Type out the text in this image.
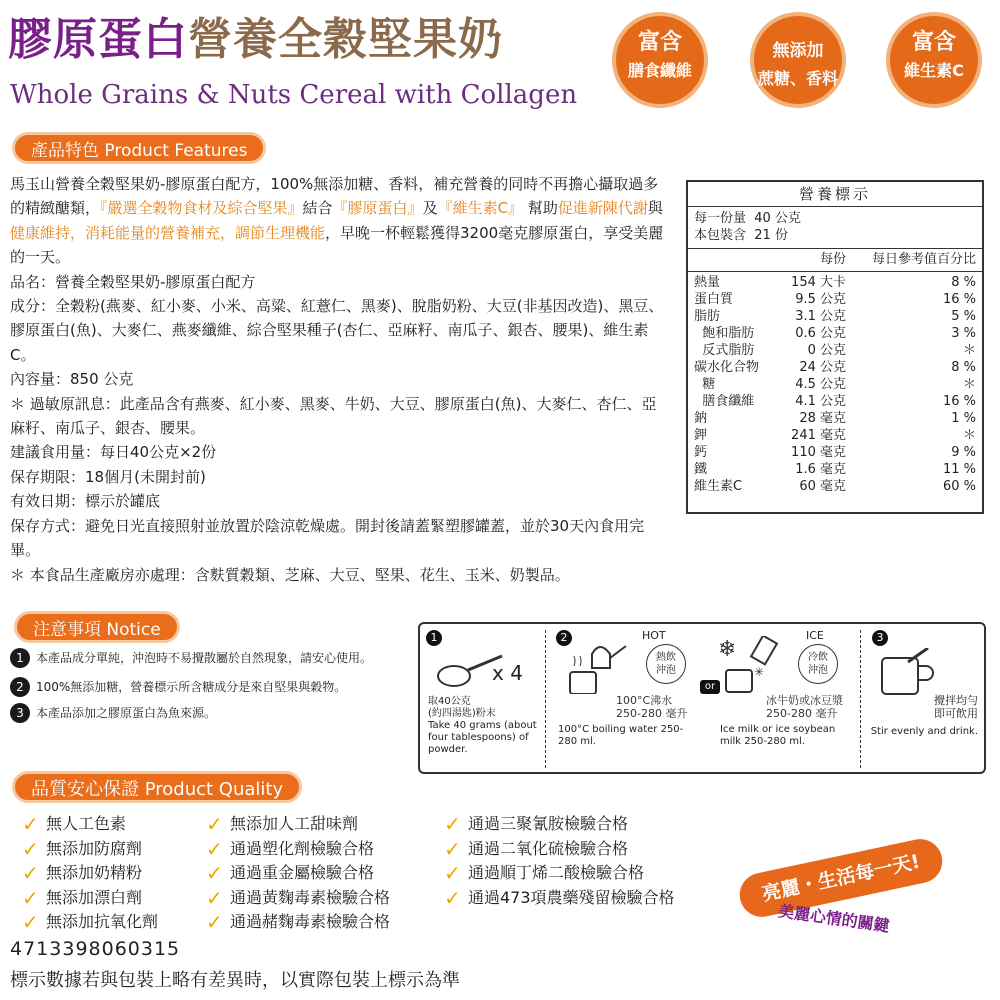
膠原蛋白營養全穀堅果奶
Whole Grains & Nuts Cereal with Collagen
富含
膳食纖維
無添加
蔗糖、香料
富含
維生素C
產品特色 Product Features

馬玉山營養全穀堅果奶-膠原蛋白配方，100%無添加糖、香料，補充營養的同時不再擔心攝取過多的精緻醣類，『嚴選全穀物食材及綜合堅果』結合『膠原蛋白』及『維生素C』 幫助促進新陳代謝與健康維持，消耗能量的營養補充，調節生理機能，早晚一杯輕鬆獲得3200毫克膠原蛋白，享受美麗的一天。

品名：營養全穀堅果奶-膠原蛋白配方

成分：全穀粉(燕麥、紅小麥、小米、高粱、紅薏仁、黑麥)、脫脂奶粉、大豆(非基因改造)、黑豆、膠原蛋白(魚)、大麥仁、燕麥纖維、綜合堅果種子(杏仁、亞麻籽、南瓜子、銀杏、腰果)、維生素C。

內容量：850 公克

＊ 過敏原訊息：此產品含有燕麥、紅小麥、黑麥、牛奶、大豆、膠原蛋白(魚)、大麥仁、杏仁、亞麻籽、南瓜子、銀杏、腰果。

建議食用量：每日40公克×2份

保存期限：18個月(未開封前)

有效日期：標示於罐底

保存方式：避免日光直接照射並放置於陰涼乾燥處。開封後請蓋緊塑膠罐蓋，並於30天內食用完畢。

＊ 本食品生產廠房亦處理：含麩質穀類、芝麻、大豆、堅果、花生、玉米、奶製品。

營養標示
每一份量 40 公克
本包裝含 21 份
每份	每日參考值百分比
熱量	154 大卡	8 %
蛋白質	9.5 公克	16 %
脂肪	3.1 公克	5 %
飽和脂肪	0.6 公克	3 %
反式脂肪	0 公克	＊
碳水化合物	24 公克	8 %
糖	4.5 公克	＊
膳食纖維	4.1 公克	16 %
鈉	28 毫克	1 %
鉀	241 毫克	＊
鈣	110 毫克	9 %
鐵	1.6 毫克	11 %
維生素C	60 毫克	60 %
注意事項 Notice
1	本產品成分單純，沖泡時不易攪散屬於自然現象，請安心使用。
2	100%無添加糖，營養標示所含糖成分是來自堅果與穀物。
3	本產品添加之膠原蛋白為魚來源。
1	2	3
x 4
取40公克
(約四湯匙)粉末
Take 40 grams (about four tablespoons) of powder.
HOT
熱飲
沖泡
or
100°C沸水
250-280 毫升
100°C boiling water 250-280 ml.
ICE
❄
✳
冷飲
沖泡
冰牛奶或冰豆漿
250-280 毫升
Ice milk or ice soybean milk 250-280 ml.
攪拌均勻
即可飲用
Stir evenly and drink.
品質安心保證 Product Quality
✓ 無人工色素
✓ 無添加防腐劑
✓ 無添加奶精粉
✓ 無添加漂白劑
✓ 無添加抗氧化劑
✓ 無添加人工甜味劑
✓ 通過塑化劑檢驗合格
✓ 通過重金屬檢驗合格
✓ 通過黃麴毒素檢驗合格
✓ 通過赭麴毒素檢驗合格
✓ 通過三聚氰胺檢驗合格
✓ 通過二氧化硫檢驗合格
✓ 通過順丁烯二酸檢驗合格
✓ 通過473項農藥殘留檢驗合格	亮麗・生活每一天!
美麗心情的關鍵
4713398060315
標示數據若與包裝上略有差異時，以實際包裝上標示為準
